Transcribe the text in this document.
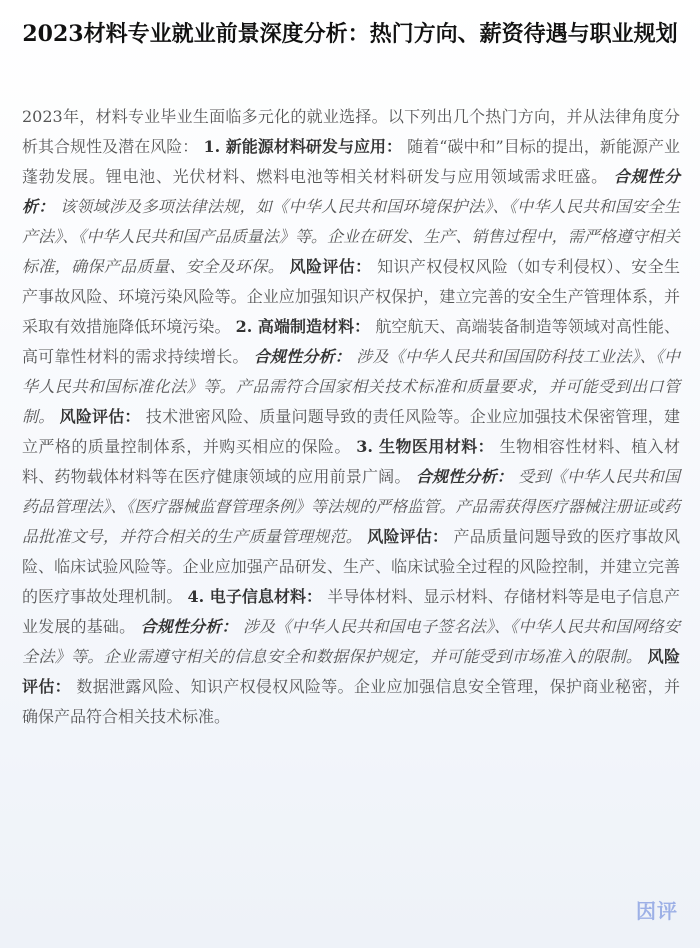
2023材料专业就业前景深度分析：热门方向、薪资待遇与职业规划

2023年，材料专业毕业生面临多元化的就业选择。以下列出几个热门方向，并从法律角度分析其合规性及潜在风险： 1. 新能源材料研发与应用： 随着“碳中和”目标的提出，新能源产业蓬勃发展。锂电池、光伏材料、燃料电池等相关材料研发与应用领域需求旺盛。 合规性分析： 该领域涉及多项法律法规，如《中华人民共和国环境保护法》、《中华人民共和国安全生产法》、《中华人民共和国产品质量法》等。企业在研发、生产、销售过程中，需严格遵守相关标准，确保产品质量、安全及环保。 风险评估： 知识产权侵权风险（如专利侵权）、安全生产事故风险、环境污染风险等。企业应加强知识产权保护，建立完善的安全生产管理体系，并采取有效措施降低环境污染。 2. 高端制造材料： 航空航天、高端装备制造等领域对高性能、高可靠性材料的需求持续增长。 合规性分析： 涉及《中华人民共和国国防科技工业法》、《中华人民共和国标准化法》等。产品需符合国家相关技术标准和质量要求，并可能受到出口管制。 风险评估： 技术泄密风险、质量问题导致的责任风险等。企业应加强技术保密管理，建立严格的质量控制体系，并购买相应的保险。 3. 生物医用材料： 生物相容性材料、植入材料、药物载体材料等在医疗健康领域的应用前景广阔。 合规性分析： 受到《中华人民共和国药品管理法》、《医疗器械监督管理条例》等法规的严格监管。产品需获得医疗器械注册证或药品批准文号，并符合相关的生产质量管理规范。 风险评估： 产品质量问题导致的医疗事故风险、临床试验风险等。企业应加强产品研发、生产、临床试验全过程的风险控制，并建立完善的医疗事故处理机制。 4. 电子信息材料： 半导体材料、显示材料、存储材料等是电子信息产业发展的基础。 合规性分析： 涉及《中华人民共和国电子签名法》、《中华人民共和国网络安全法》等。企业需遵守相关的信息安全和数据保护规定，并可能受到市场准入的限制。 风险评估： 数据泄露风险、知识产权侵权风险等。企业应加强信息安全管理，保护商业秘密，并确保产品符合相关技术标准。

因评
